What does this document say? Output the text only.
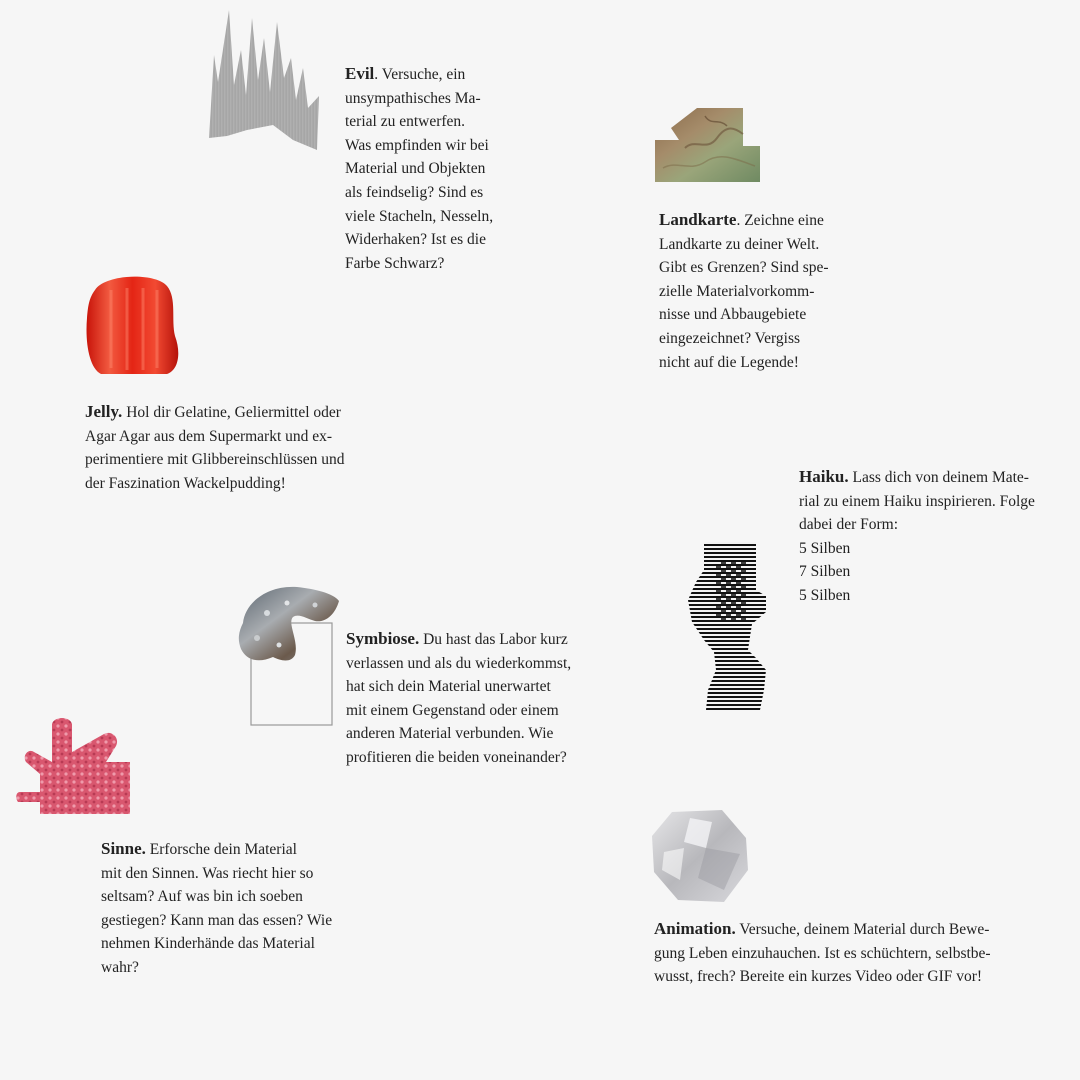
Evil. Versuche, ein
unsympathisches Ma-
terial zu entwerfen.
Was empfinden wir bei
Material und Objekten
als feindselig? Sind es
viele Stacheln, Nesseln,
Widerhaken? Ist es die
Farbe Schwarz?

Landkarte. Zeichne eine
Landkarte zu deiner Welt.
Gibt es Grenzen? Sind spe-
zielle Materialvorkomm-
nisse und Abbaugebiete
eingezeichnet? Vergiss
nicht auf die Legende!

Jelly. Hol dir Gelatine, Geliermittel oder
Agar Agar aus dem Supermarkt und ex-
perimentiere mit Glibbereinschlüssen und
der Faszination Wackelpudding!	Haiku. Lass dich von deinem Mate-
rial zu einem Haiku inspirieren. Folge
dabei der Form:
5 Silben
7 Silben
5 Silben

Symbiose. Du hast das Labor kurz
verlassen und als du wiederkommst,
hat sich dein Material unerwartet
mit einem Gegenstand oder einem
anderen Material verbunden. Wie
profitieren die beiden voneinander?

Sinne. Erforsche dein Material
mit den Sinnen. Was riecht hier so
seltsam? Auf was bin ich soeben
gestiegen? Kann man das essen? Wie
nehmen Kinderhände das Material
wahr?

Animation. Versuche, deinem Material durch Bewe-
gung Leben einzuhauchen. Ist es schüchtern, selbstbe-
wusst, frech? Bereite ein kurzes Video oder GIF vor!
